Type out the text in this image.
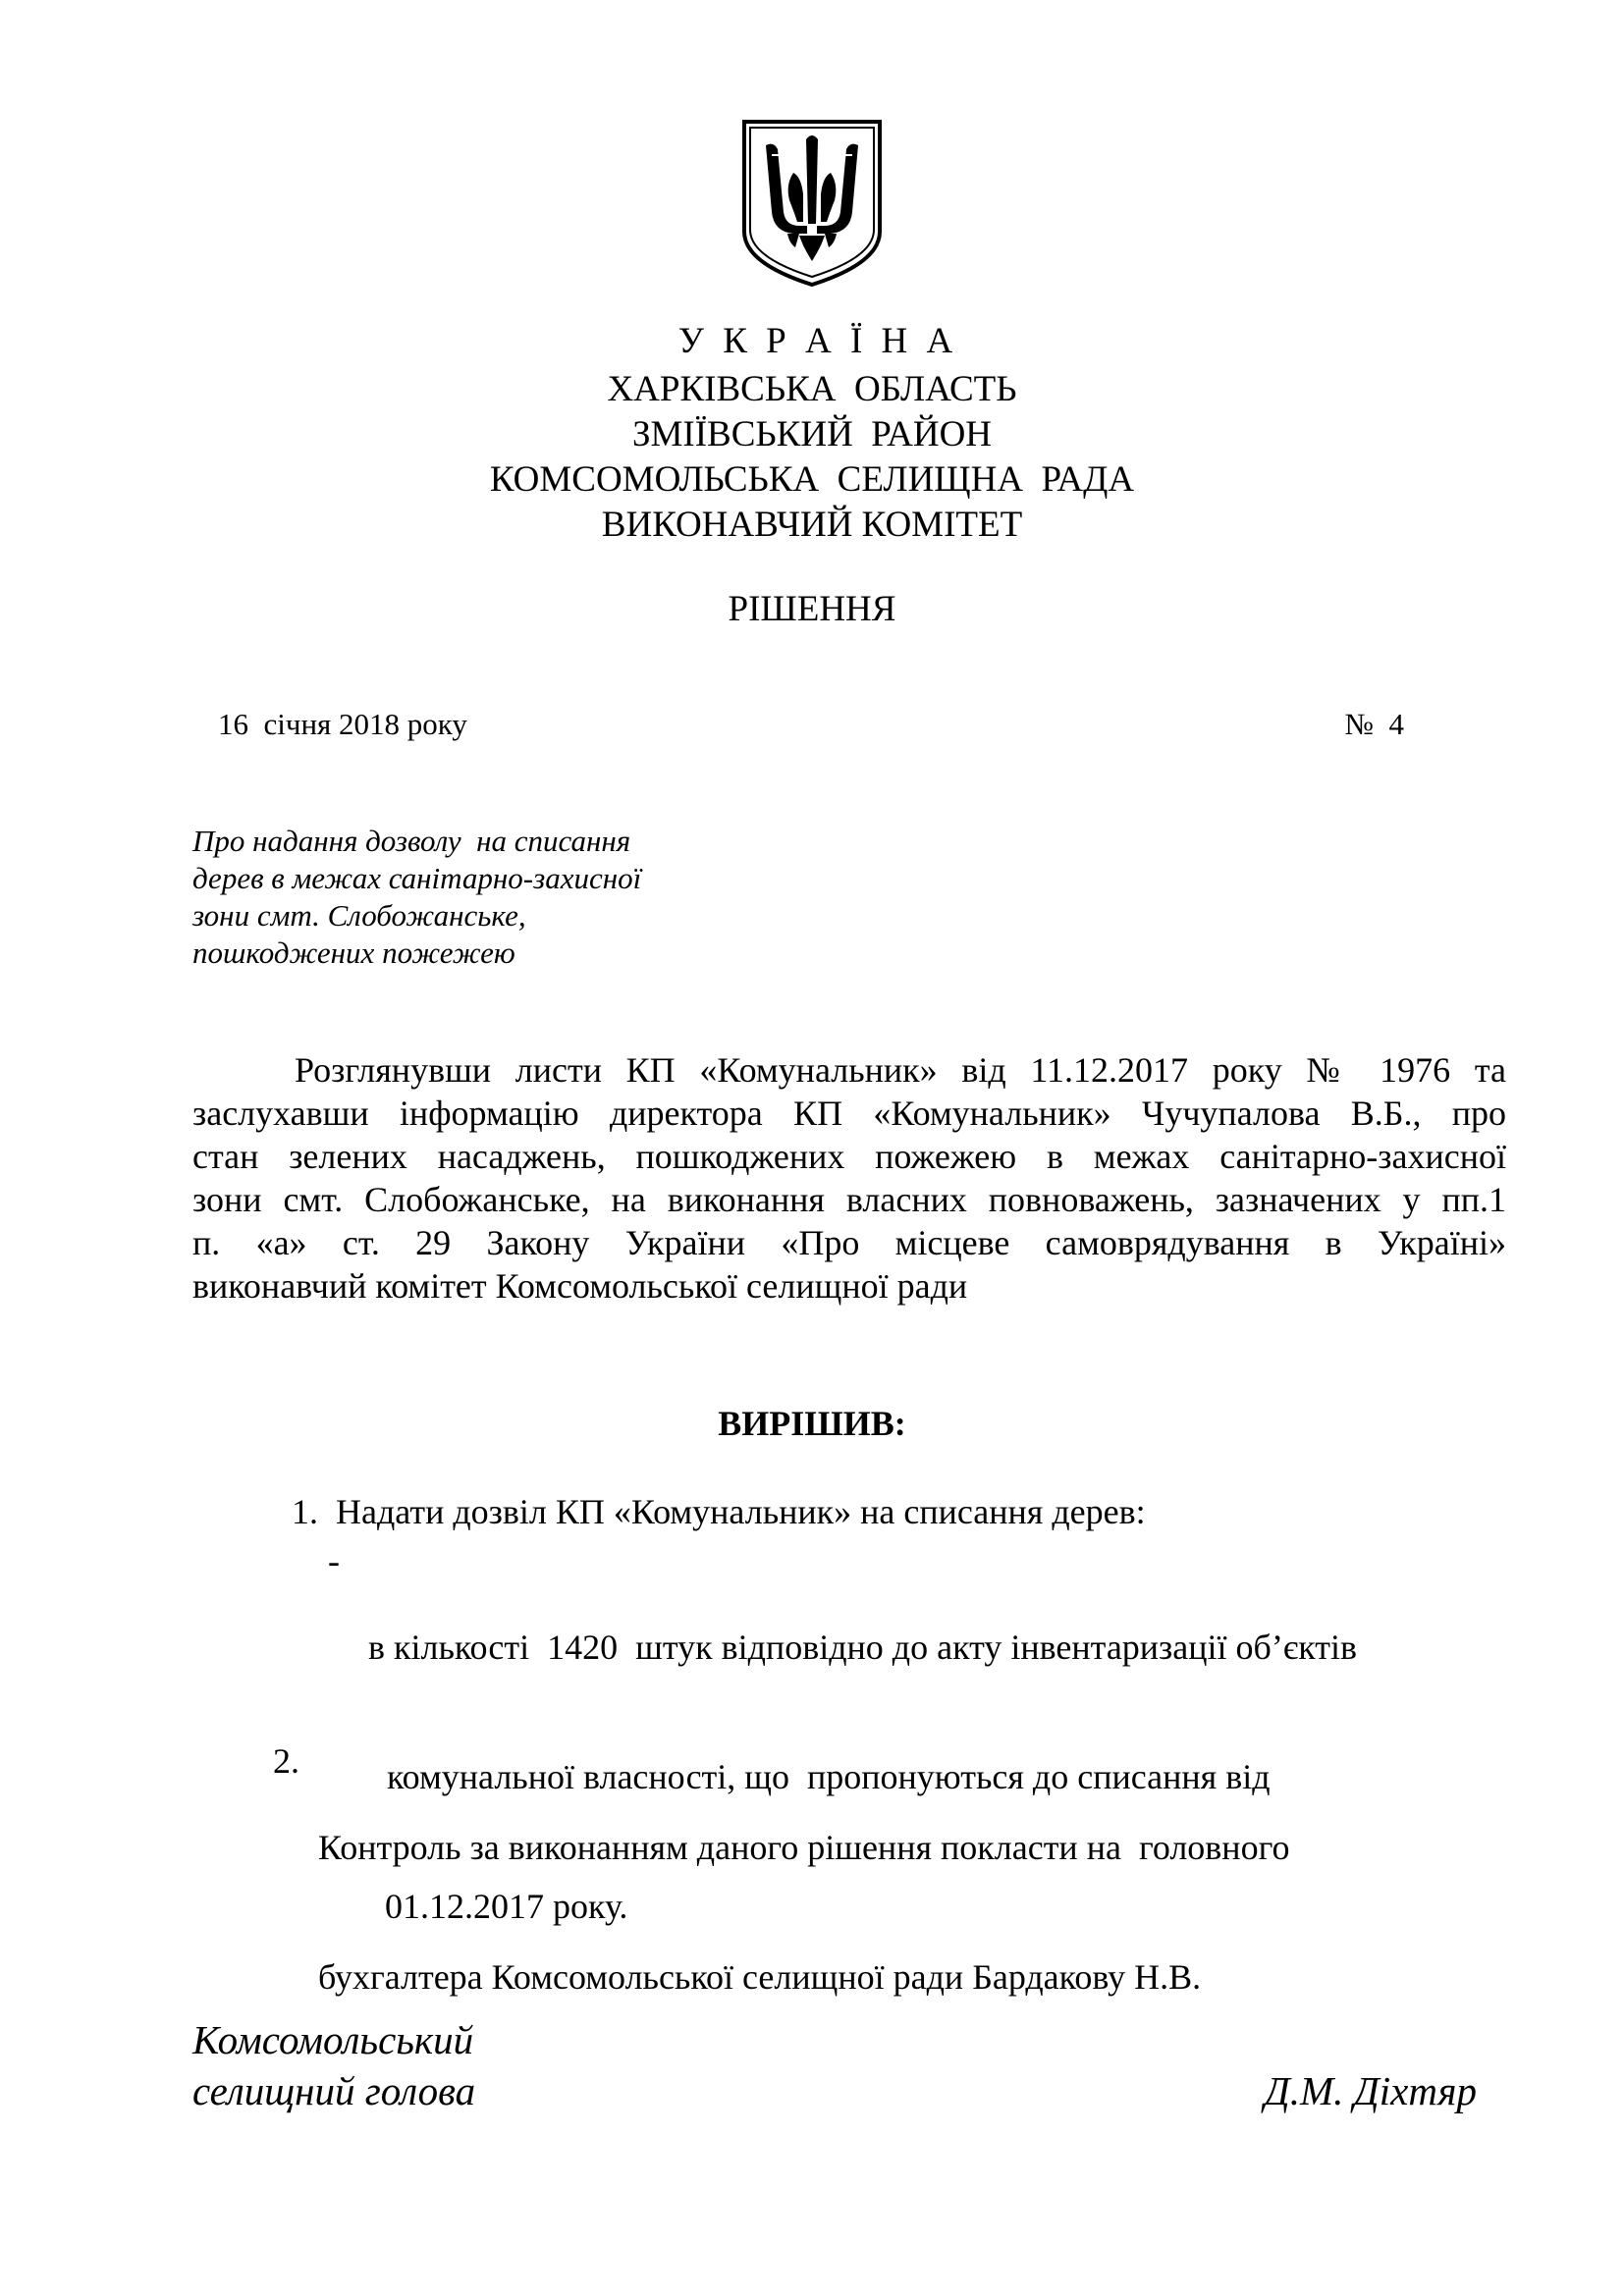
У К Р А Ї Н А
ХАРКІВСЬКА  ОБЛАСТЬ
ЗМІЇВСЬКИЙ  РАЙОН
КОМСОМОЛЬСЬКА  СЕЛИЩНА  РАДА
ВИКОНАВЧИЙ КОМІТЕТ
РІШЕННЯ
16  січня 2018 року	№  4
Про надання дозволу  на списання
дерев в межах санітарно-захисної
зони смт. Слобожанське,
пошкоджених пожежею
Розглянувши листи КП «Комунальник» від 11.12.2017 року № 1976 та
заслухавши інформацію директора КП «Комунальник» Чучупалова В.Б., про
стан зелених насаджень, пошкоджених пожежею в межах санітарно-захисної
зони смт. Слобожанське, на виконання власних повноважень, зазначених у пп.1
п. «а» ст. 29 Закону України «Про місцеве самоврядування в Україні»
виконавчий комітет Комсомольської селищної ради
ВИРІШИВ:
1.  Надати дозвіл КП «Комунальник» на списання дерев:
-

в кількості  1420  штук відповідно до акту інвентаризації об’єктів

комунальної власності, що  пропонуються до списання від

01.12.2017 року.

2.

Контроль за виконанням даного рішення покласти на  головного

бухгалтера Комсомольської селищної ради Бардакову Н.В.

Комсомольський
селищний голова	Д.М. Діхтяр
